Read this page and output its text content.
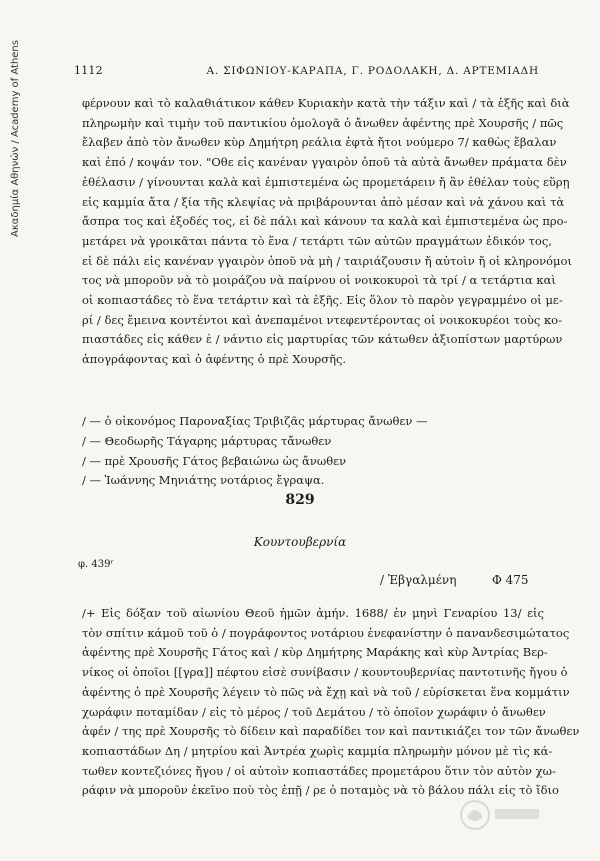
Ακαδημία Αθηνών / Academy of Athens	1112	Α. ΣΙΦΩΝΙΟΥ-ΚΑΡΑΠΑ, Γ. ΡΟΔΟΛΑΚΗ, Δ. ΑΡΤΕΜΙΑΔΗ
φέρνουν καὶ τὸ καλαθιάτικον κάθεν Κυριακὴν κατὰ τὴν τάξιν καὶ / τὰ ἑξῆς καὶ διὰ
πληρωμὴν καὶ τιμὴν τοῦ παντικίου ὁμολογᾶ ὁ ἄνωθεν ἀφέντης πρὲ Χουρσῆς / πῶς
ἔλαβεν ἀπὸ τὸν ἄνωθεν κὺρ Δημήτρη ρεάλια ἑφτὰ ἤτοι νούμερο 7/ καθὼς ἔβαλαν
καὶ ἐπό / κοψάν τον. "Οθε εἰς κανέναν γγαιρὸν ὁποῦ τὰ αὐτὰ ἄνωθεν πράματα δὲν
ἐθέλασιν / γίνουνται καλὰ καὶ ἐμπιστεμένα ὡς προμετάρειν ἤ ἂν ἐθέλαν τοὺς εὕρῃ
εἰς καμμία ἄτα / ξία τῆς κλεψίας νὰ πριβάρουνται ἀπὸ μέσαν καὶ νὰ χάνου καὶ τὰ
ἄσπρα τος καὶ ἐξοδές τος, εἰ δὲ πάλι καὶ κάνουν τα καλὰ καὶ ἐμπιστεμένα ὡς προ-
μετάρει νὰ γροικᾶται πάντα τὸ ἕνα / τετάρτι τῶν αὐτῶν πραγμάτων ἐδικόν τος,
εἰ δὲ πάλι εἰς κανέναν γγαιρὸν ὁποῦ νὰ μὴ / ταιριάζουσιν ἤ αὐτοὶν ἤ οἱ κληρονόμοι
τος νὰ μποροῦν νὰ τὸ μοιράζου νὰ παίρνου οἱ νοικοκυροὶ τὰ τρί / α τετάρτια καὶ
οἱ κοπιαστάδες τὸ ἕνα τετάρτιν καὶ τὰ ἑξῆς. Εἰς ὅλον τὸ παρὸν γεγραμμένο οἱ με-
ρί / δες ἔμεινα κοντέντοι καὶ ἀνεπαμένοι ντεφεντέροντας οἱ νοικοκυρέοι τοὺς κο-
πιαστάδες εἰς κάθεν ὲ / νάντιο εἰς μαρτυρίας τῶν κάτωθεν ἀξιοπίστων μαρτύρων
ἀπογράφοντας καὶ ὁ ἀφέντης ὁ πρὲ Χουρσῆς.
/ — ὁ οἰκονόμος Παροναξίας Τριβιζᾶς μάρτυρας ἄνωθεν —
/ — Θεοδωρῆς Τάγαρης μάρτυρας τἄνωθεν
/ — πρὲ Χρουσῆς Γάτος βεβαιώνω ὡς ἄνωθεν
/ — Ἰωάννης Μηνιάτης νοτάριος ἔγραψα.
829
Κουντουβερνία
φ. 439ʳ
/ Ἐβγαλμένη	Φ 475
/+ Εἰς δόξαν τοῦ αἰωνίου Θεοῦ ἡμῶν ἀμήν. 1688/ ἐν μηνὶ Γεναρίου 13/ εἰς
τὸν σπίτιν κάμοῦ τοῦ ὁ / πογράφοντος νοτάριου ἐνεφανίστην ὁ πανανδεσιμώτατος
ἀφέντης πρὲ Χουρσῆς Γάτος καὶ / κὺρ Δημήτρης Μαράκης καὶ κὺρ Ἀντρίας Βερ-
νίκος οἱ ὁποῖοι [[γρα]] πέφτου εἰσὲ συνίβασιν / κουντουβερνίας παντοτινῆς ἤγου ὁ
ἀφέντης ὁ πρὲ Χουρσῆς λέγειν τὸ πῶς νὰ ἔχῃ καὶ νὰ τοῦ / εὑρίσκεται ἕνα κομμάτιν
χωράφιν ποταμίδαν / εἰς τὸ μέρος / τοῦ Δεμάτου / τὸ ὁποῖον χωράφιν ὁ ἄνωθεν
ἀφέν / της πρὲ Χουρσῆς τὸ δίδειν καὶ παραδίδει τον καὶ παντικιάζει τον τῶν ἄνωθεν
κοπιαστάδων Δη / μητρίου καὶ Ἀντρέα χωρὶς καμμία πληρωμὴν μόνον μὲ τὶς κά-
τωθεν κοντεζιόνες ἤγου / οἱ αὐτοὶν κοπιαστάδες προμετάρου ὅτιν τὸν αὐτὸν χω-
ράφιν νὰ μποροῦν ἐκεῖνο ποὺ τὸς ἐπῇ / ρε ὁ ποταμὸς νὰ τὸ βάλου πάλι εἰς τὸ ἴδιο
